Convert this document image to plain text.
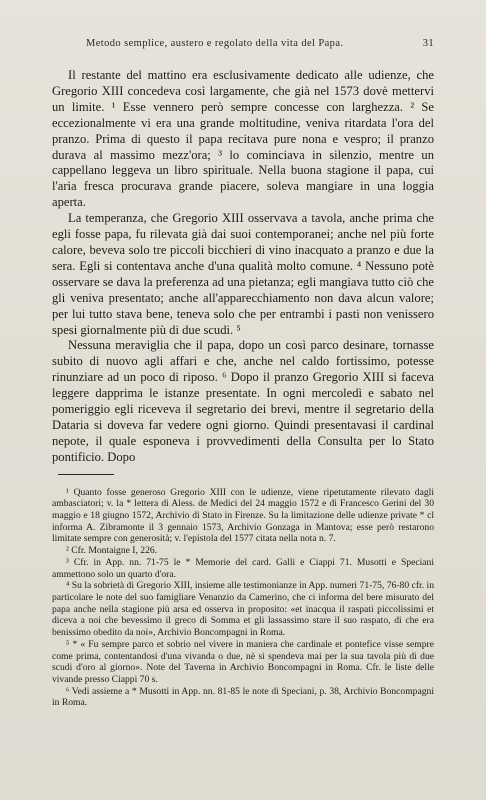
Metodo semplice, austero e regolato della vita del Papa.	31

Il restante del mattino era esclusivamente dedicato alle udienze, che Gregorio XIII concedeva così largamente, che già nel 1573 dovè mettervi un limite. ¹ Esse vennero però sempre concesse con larghezza. ² Se eccezionalmente vi era una grande moltitudine, veniva ritardata l'ora del pranzo. Prima di questo il papa recitava pure nona e vespro; il pranzo durava al massimo mezz'ora; ³ lo cominciava in silenzio, mentre un cappellano leggeva un libro spirituale. Nella buona stagione il papa, cui l'aria fresca procurava grande piacere, soleva mangiare in una loggia aperta.

La temperanza, che Gregorio XIII osservava a tavola, anche prima che egli fosse papa, fu rilevata già dai suoi contemporanei; anche nel più forte calore, beveva solo tre piccoli bicchieri di vino inacquato a pranzo e due la sera. Egli si contentava anche d'una qualità molto comune. ⁴ Nessuno potè osservare se dava la preferenza ad una pietanza; egli mangiava tutto ciò che gli veniva presentato; anche all'apparecchiamento non dava alcun valore; per lui tutto stava bene, teneva solo che per entrambi i pasti non venissero spesi giornalmente più di due scudi. ⁵

Nessuna meraviglia che il papa, dopo un così parco desinare, tornasse subito di nuovo agli affari e che, anche nel caldo fortissimo, potesse rinunziare ad un poco di riposo. ⁶ Dopo il pranzo Gregorio XIII si faceva leggere dapprima le istanze presentate. In ogni mercoledì e sabato nel pomeriggio egli riceveva il segretario dei brevi, mentre il segretario della Dataria si doveva far vedere ogni giorno. Quindi presentavasi il cardinal nepote, il quale esponeva i provvedimenti della Consulta per lo Stato pontificio. Dopo

¹ Quanto fosse generoso Gregorio XIII con le udienze, viene ripetutamente rilevato dagli ambasciatori; v. la * lettera di Aless. de Medici del 24 maggio 1572 e di Francesco Gerini del 30 maggio e 18 giugno 1572, Archivio di Stato in Firenze. Su la limitazione delle udienze private * cl informa A. Zibramonte il 3 gennaio 1573, Archivio Gonzaga in Mantova; esse però restarono limitate sempre con generosità; v. l'epistola del 1577 citata nella nota n. 7.

² Cfr. Montaigne I, 226.

³ Cfr. in App. nn. 71-75 le * Memorie del card. Galli e Ciappi 71. Musotti e Speciani ammettono solo un quarto d'ora.

⁴ Su la sobrietà di Gregorio XIII, insieme alle testimonianze in App. numeri 71-75, 76-80 cfr. in particolare le note del suo famigliare Venanzio da Camerino, che ci informa del bere misurato del papa anche nella stagione più arsa ed osserva in proposito: «et inacqua il raspati piccolissimi et diceva a noi che bevessimo il greco di Somma et gli lassassimo stare il suo raspato, di che era benissimo obedito da noi», Archivio Boncompagni in Roma.

⁵ * « Fu sempre parco et sobrio nel vivere in maniera che cardinale et pontefice visse sempre come prima, contentandosi d'una vivanda o due, nè si spendeva mai per la sua tavola più di due scudi d'oro al giorno». Note del Taverna in Archivio Boncompagni in Roma. Cfr. le liste delle vivande presso Ciappi 70 s.

⁶ Vedi assieme a * Musotti in App. nn. 81-85 le note di Speciani, p. 38, Archivio Boncompagni in Roma.
